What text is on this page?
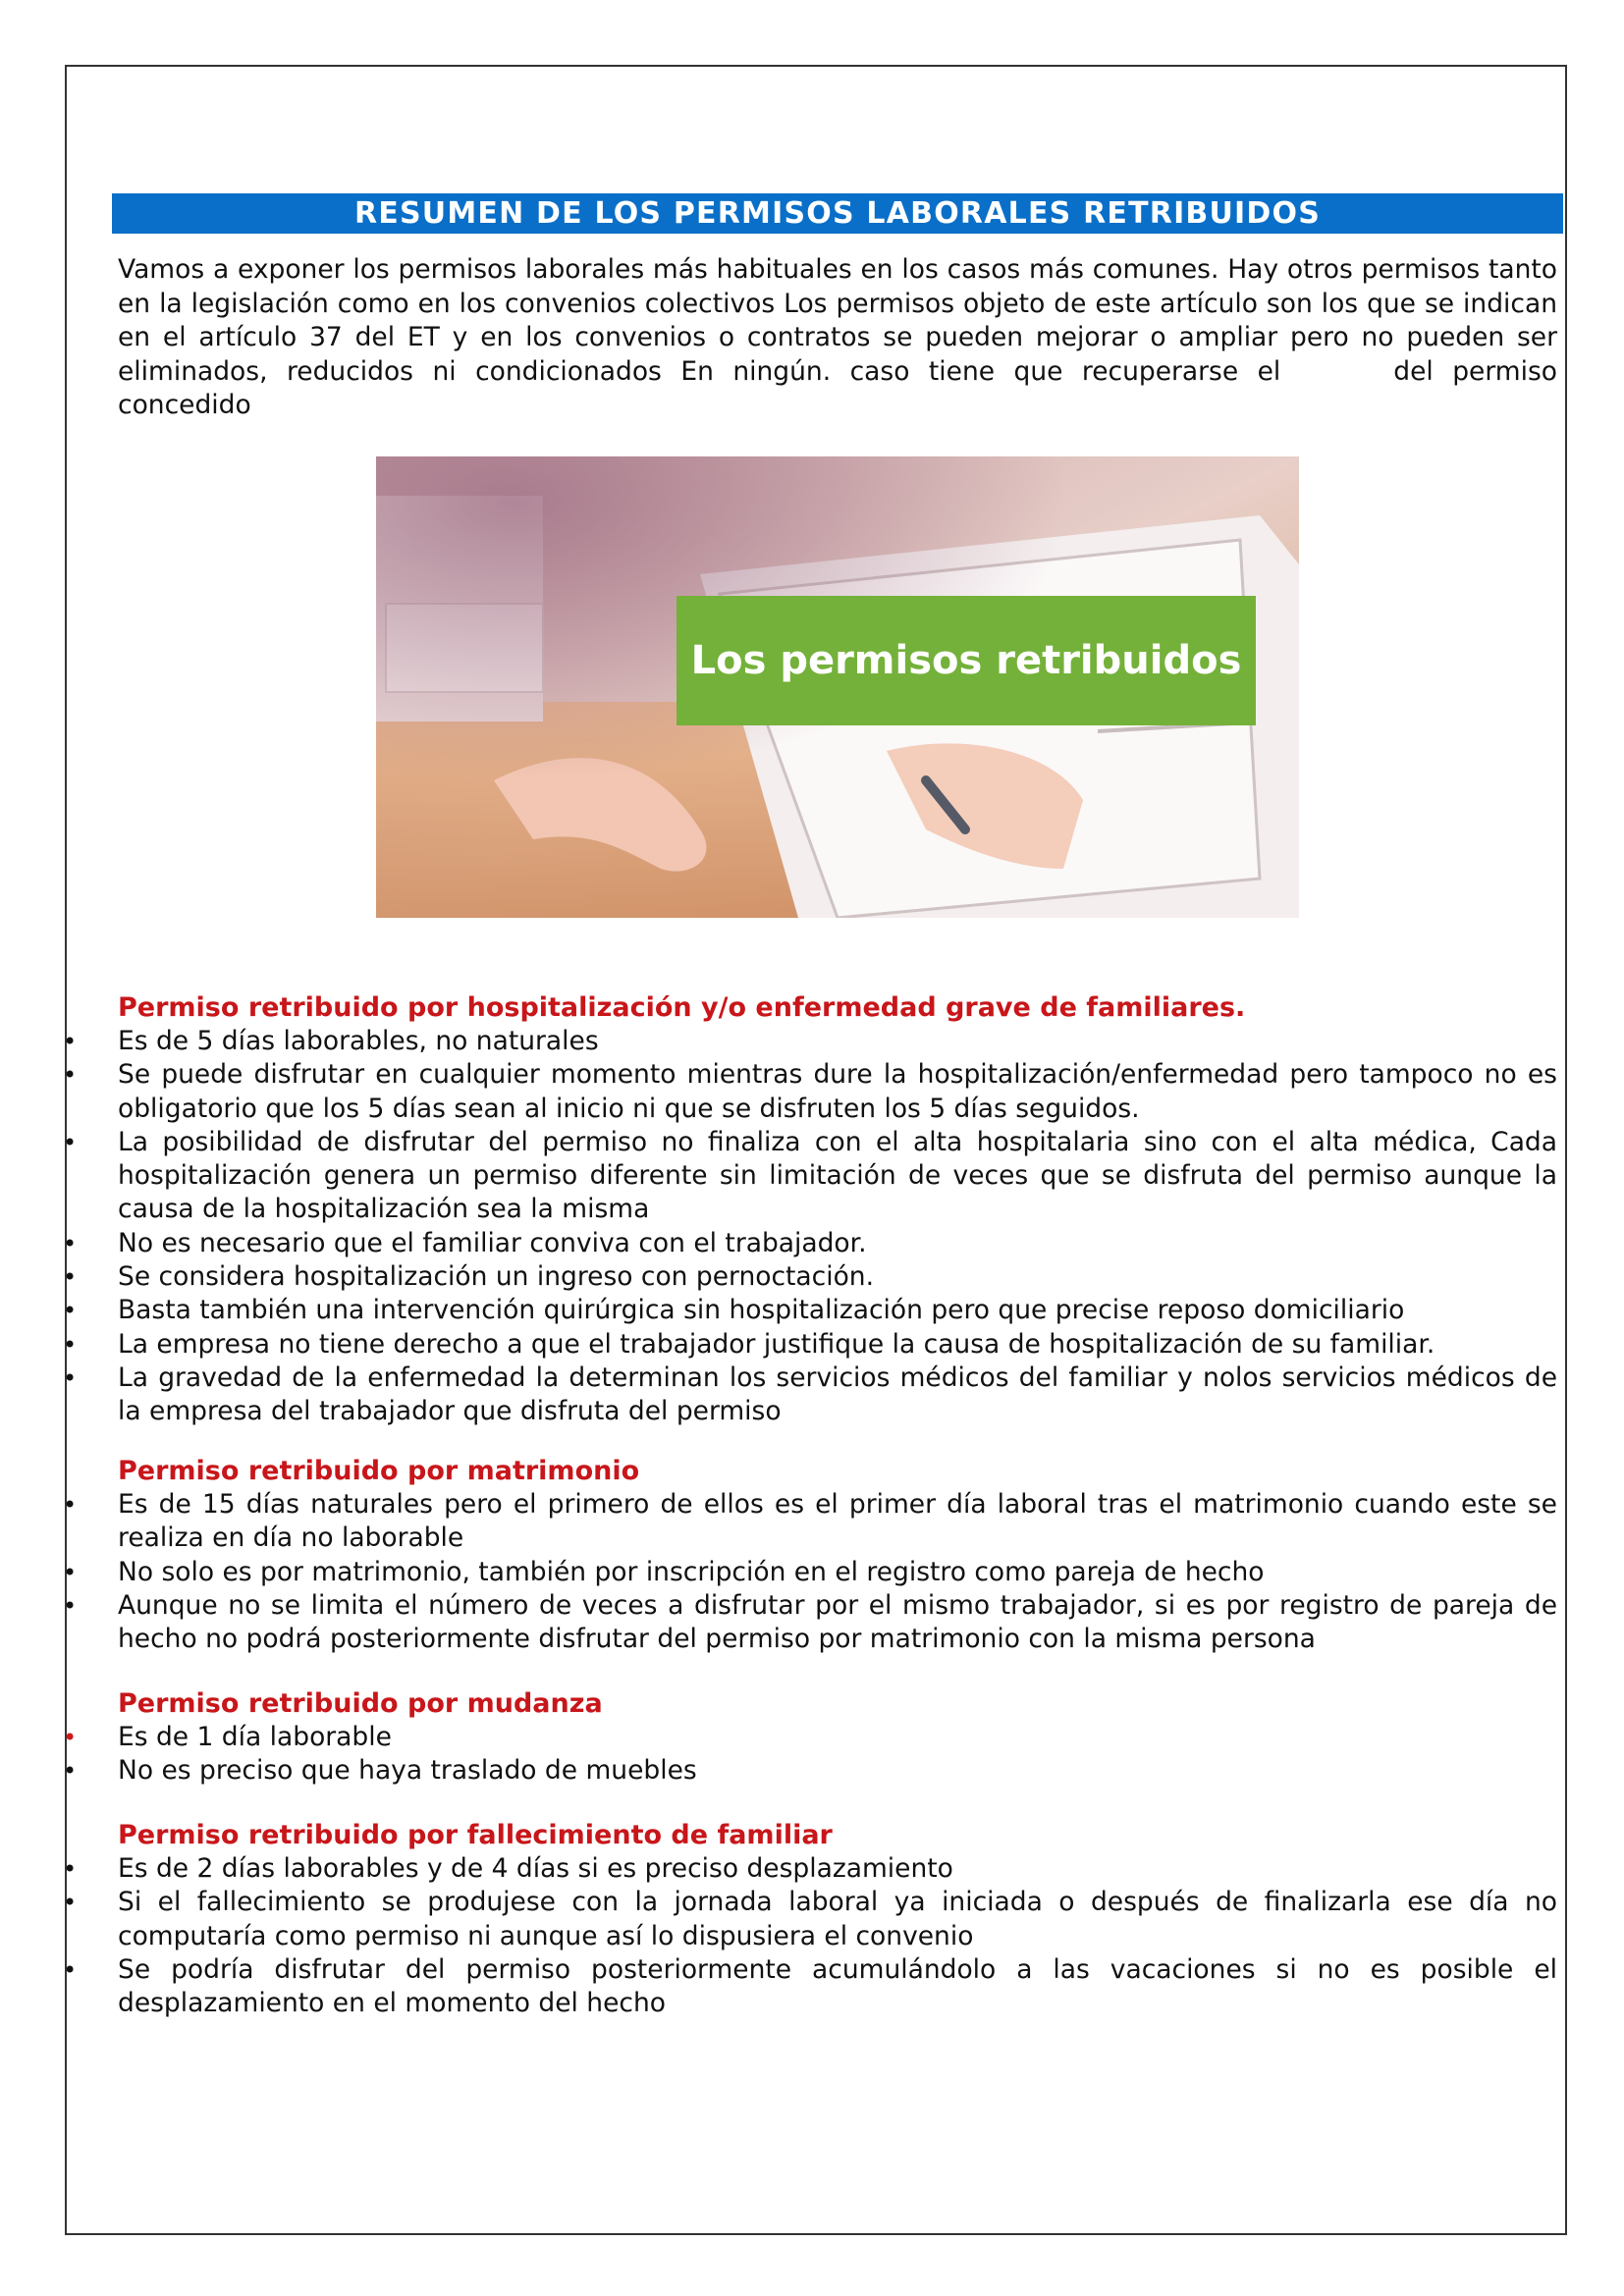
RESUMEN DE LOS PERMISOS LABORALES RETRIBUIDOS

Vamos a exponer los permisos laborales más habituales en los casos más comunes. Hay otros permisos tanto en la legislación como en los convenios colectivos Los permisos objeto de este artículo son los que se indican en el artículo 37 del ET y en los convenios o contratos se pueden mejorar o ampliar pero no pueden ser eliminados, reducidos ni condicionados En ningún. caso tiene que recuperarse el	del permiso concedido

Los permisos retribuidos
Permiso retribuido por hospitalización y/o enfermedad grave de familiares.
• Es de 5 días laborables, no naturales
• Se puede disfrutar en cualquier momento mientras dure la hospitalización/enfermedad pero tampoco no es obligatorio que los 5 días sean al inicio ni que se disfruten los 5 días seguidos.
• La posibilidad de disfrutar del permiso no finaliza con el alta hospitalaria sino con el alta médica, Cada hospitalización genera un permiso diferente sin limitación de veces que se disfruta del permiso aunque la causa de la hospitalización sea la misma
• No es necesario que el familiar conviva con el trabajador.
• Se considera hospitalización un ingreso con pernoctación.
• Basta también una intervención quirúrgica sin hospitalización pero que precise reposo domiciliario
• La empresa no tiene derecho a que el trabajador justifique la causa de hospitalización de su familiar.
• La gravedad de la enfermedad la determinan los servicios médicos del familiar y nolos servicios médicos de la empresa del trabajador que disfruta del permiso
Permiso retribuido por matrimonio
• Es de 15 días naturales pero el primero de ellos es el primer día laboral tras el matrimonio cuando este se realiza en día no laborable
• No solo es por matrimonio, también por inscripción en el registro como pareja de hecho
• Aunque no se limita el número de veces a disfrutar por el mismo trabajador, si es por registro de pareja de hecho no podrá posteriormente disfrutar del permiso por matrimonio con la misma persona
Permiso retribuido por mudanza
• Es de 1 día laborable
• No es preciso que haya traslado de muebles
Permiso retribuido por fallecimiento de familiar
• Es de 2 días laborables y de 4 días si es preciso desplazamiento
• Si el fallecimiento se produjese con la jornada laboral ya iniciada o después de finalizarla ese día no computaría como permiso ni aunque así lo dispusiera el convenio
• Se podría disfrutar del permiso posteriormente acumulándolo a las vacaciones si no es posible el desplazamiento en el momento del hecho
